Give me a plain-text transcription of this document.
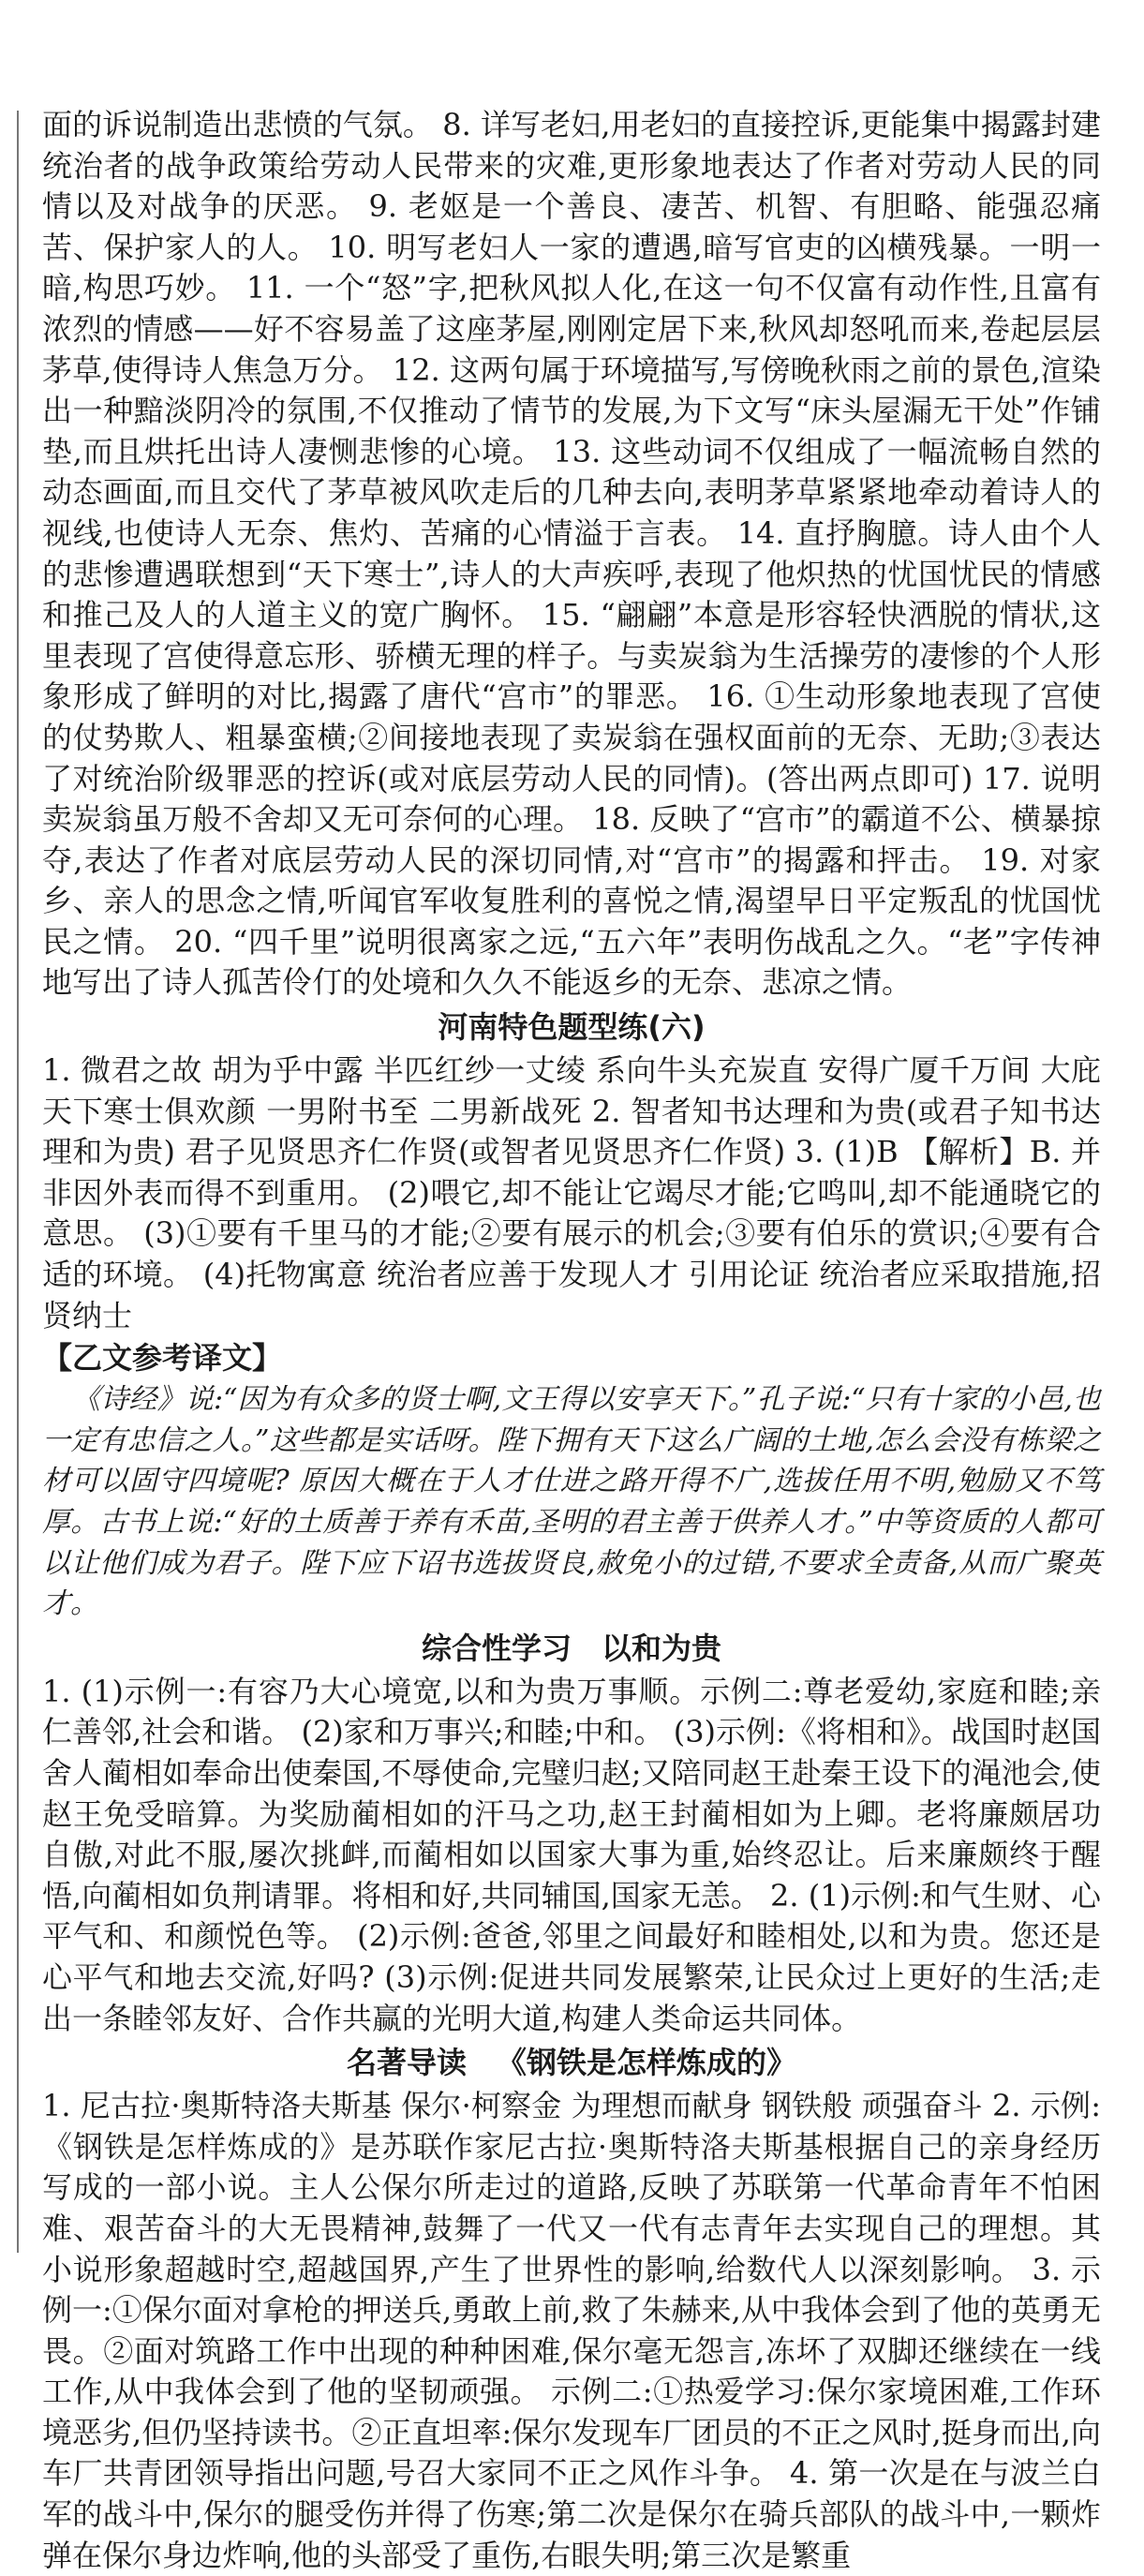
面的诉说制造出悲愤的气氛。 8. 详写老妇,用老妇的直接控诉,更能集中揭露封建统治者的战争政策给劳动人民带来的灾难,更形象地表达了作者对劳动人民的同情以及对战争的厌恶。 9. 老妪是一个善良、凄苦、机智、有胆略、能强忍痛苦、保护家人的人。 10. 明写老妇人一家的遭遇,暗写官吏的凶横残暴。一明一暗,构思巧妙。 11. 一个“怒”字,把秋风拟人化,在这一句不仅富有动作性,且富有浓烈的情感——好不容易盖了这座茅屋,刚刚定居下来,秋风却怒吼而来,卷起层层茅草,使得诗人焦急万分。 12. 这两句属于环境描写,写傍晚秋雨之前的景色,渲染出一种黯淡阴冷的氛围,不仅推动了情节的发展,为下文写“床头屋漏无干处”作铺垫,而且烘托出诗人凄恻悲惨的心境。 13. 这些动词不仅组成了一幅流畅自然的动态画面,而且交代了茅草被风吹走后的几种去向,表明茅草紧紧地牵动着诗人的视线,也使诗人无奈、焦灼、苦痛的心情溢于言表。 14. 直抒胸臆。诗人由个人的悲惨遭遇联想到“天下寒士”,诗人的大声疾呼,表现了他炽热的忧国忧民的情感和推己及人的人道主义的宽广胸怀。 15. “翩翩”本意是形容轻快洒脱的情状,这里表现了宫使得意忘形、骄横无理的样子。与卖炭翁为生活操劳的凄惨的个人形象形成了鲜明的对比,揭露了唐代“宫市”的罪恶。 16. ①生动形象地表现了宫使的仗势欺人、粗暴蛮横;②间接地表现了卖炭翁在强权面前的无奈、无助;③表达了对统治阶级罪恶的控诉(或对底层劳动人民的同情)。(答出两点即可) 17. 说明卖炭翁虽万般不舍却又无可奈何的心理。 18. 反映了“宫市”的霸道不公、横暴掠夺,表达了作者对底层劳动人民的深切同情,对“宫市”的揭露和抨击。 19. 对家乡、亲人的思念之情,听闻官军收复胜利的喜悦之情,渴望早日平定叛乱的忧国忧民之情。 20. “四千里”说明很离家之远,“五六年”表明伤战乱之久。“老”字传神地写出了诗人孤苦伶仃的处境和久久不能返乡的无奈、悲凉之情。

河南特色题型练(六)

1. 微君之故 胡为乎中露 半匹红纱一丈绫 系向牛头充炭直 安得广厦千万间 大庇天下寒士俱欢颜 一男附书至 二男新战死 2. 智者知书达理和为贵(或君子知书达理和为贵) 君子见贤思齐仁作贤(或智者见贤思齐仁作贤) 3. (1)B 【解析】B. 并非因外表而得不到重用。 (2)喂它,却不能让它竭尽才能;它鸣叫,却不能通晓它的意思。 (3)①要有千里马的才能;②要有展示的机会;③要有伯乐的赏识;④要有合适的环境。 (4)托物寓意 统治者应善于发现人才 引用论证 统治者应采取措施,招贤纳士

【乙文参考译文】

《诗经》说:“因为有众多的贤士啊,文王得以安享天下。”孔子说:“只有十家的小邑,也一定有忠信之人。”这些都是实话呀。陛下拥有天下这么广阔的土地,怎么会没有栋梁之材可以固守四境呢? 原因大概在于人才仕进之路开得不广,选拔任用不明,勉励又不笃厚。古书上说:“好的土质善于养有禾苗,圣明的君主善于供养人才。”中等资质的人都可以让他们成为君子。陛下应下诏书选拔贤良,赦免小的过错,不要求全责备,从而广聚英才。

综合性学习 以和为贵

1. (1)示例一:有容乃大心境宽,以和为贵万事顺。示例二:尊老爱幼,家庭和睦;亲仁善邻,社会和谐。 (2)家和万事兴;和睦;中和。 (3)示例:《将相和》。战国时赵国舍人蔺相如奉命出使秦国,不辱使命,完璧归赵;又陪同赵王赴秦王设下的渑池会,使赵王免受暗算。为奖励蔺相如的汗马之功,赵王封蔺相如为上卿。老将廉颇居功自傲,对此不服,屡次挑衅,而蔺相如以国家大事为重,始终忍让。后来廉颇终于醒悟,向蔺相如负荆请罪。将相和好,共同辅国,国家无恙。 2. (1)示例:和气生财、心平气和、和颜悦色等。 (2)示例:爸爸,邻里之间最好和睦相处,以和为贵。您还是心平气和地去交流,好吗? (3)示例:促进共同发展繁荣,让民众过上更好的生活;走出一条睦邻友好、合作共赢的光明大道,构建人类命运共同体。

名著导读 《钢铁是怎样炼成的》

1. 尼古拉·奥斯特洛夫斯基 保尔·柯察金 为理想而献身 钢铁般 顽强奋斗 2. 示例:《钢铁是怎样炼成的》是苏联作家尼古拉·奥斯特洛夫斯基根据自己的亲身经历写成的一部小说。主人公保尔所走过的道路,反映了苏联第一代革命青年不怕困难、艰苦奋斗的大无畏精神,鼓舞了一代又一代有志青年去实现自己的理想。其小说形象超越时空,超越国界,产生了世界性的影响,给数代人以深刻影响。 3. 示例一:①保尔面对拿枪的押送兵,勇敢上前,救了朱赫来,从中我体会到了他的英勇无畏。②面对筑路工作中出现的种种困难,保尔毫无怨言,冻坏了双脚还继续在一线工作,从中我体会到了他的坚韧顽强。 示例二:①热爱学习:保尔家境困难,工作环境恶劣,但仍坚持读书。②正直坦率:保尔发现车厂团员的不正之风时,挺身而出,向车厂共青团领导指出问题,号召大家同不正之风作斗争。 4. 第一次是在与波兰白军的战斗中,保尔的腿受伤并得了伤寒;第二次是保尔在骑兵部队的战斗中,一颗炸弹在保尔身边炸响,他的头部受了重伤,右眼失明;第三次是繁重
